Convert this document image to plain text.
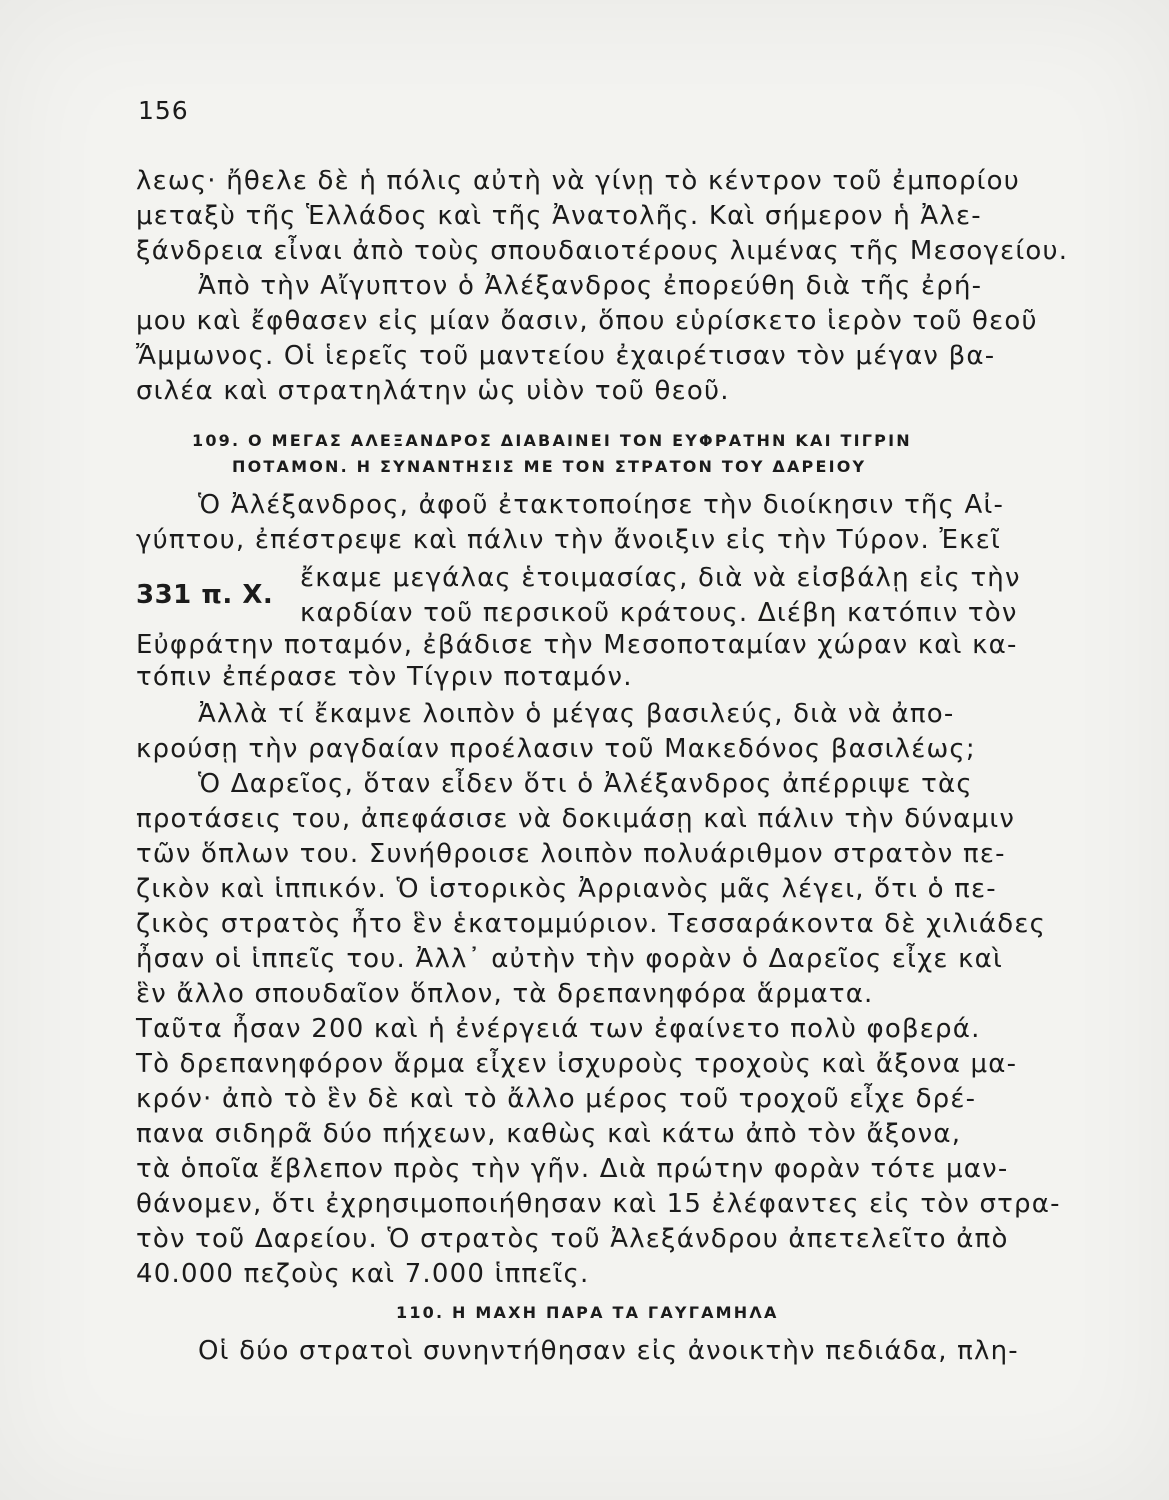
156
λεως· ἤθελε δὲ ἡ πόλις αὐτὴ νὰ γίνῃ τὸ κέντρον τοῦ ἐμπορίου
μεταξὺ τῆς Ἑλλάδος καὶ τῆς Ἀνατολῆς. Καὶ σήμερον ἡ Ἀλε-
ξάνδρεια εἶναι ἀπὸ τοὺς σπουδαιοτέρους λιμένας τῆς Μεσογείου.
Ἀπὸ τὴν Αἴγυπτον ὁ Ἀλέξανδρος ἐπορεύθη διὰ τῆς ἐρή-
μου καὶ ἔφθασεν εἰς μίαν ὄασιν, ὅπου εὑρίσκετο ἱερὸν τοῦ θεοῦ
Ἄμμωνος. Οἱ ἱερεῖς τοῦ μαντείου ἐχαιρέτισαν τὸν μέγαν βα-
σιλέα καὶ στρατηλάτην ὡς υἱὸν τοῦ θεοῦ.
109. Ο ΜΕΓΑΣ ΑΛΕΞΑΝΔΡΟΣ ΔΙΑΒΑΙΝΕΙ ΤΟΝ ΕΥΦΡΑΤΗΝ ΚΑΙ ΤΙΓΡΙΝ
ΠΟΤΑΜΟΝ. Η ΣΥΝΑΝΤΗΣΙΣ ΜΕ ΤΟΝ ΣΤΡΑΤΟΝ ΤΟΥ ΔΑΡΕΙΟΥ
Ὁ Ἀλέξανδρος, ἀφοῦ ἐτακτοποίησε τὴν διοίκησιν τῆς Αἰ-
γύπτου, ἐπέστρεψε καὶ πάλιν τὴν ἄνοιξιν εἰς τὴν Τύρον. Ἐκεῖ
331 π. Χ.
ἔκαμε μεγάλας ἑτοιμασίας, διὰ νὰ εἰσβάλῃ εἰς τὴν
καρδίαν τοῦ περσικοῦ κράτους. Διέβη κατόπιν τὸν
Εὐφράτην ποταμόν, ἐβάδισε τὴν Μεσοποταμίαν χώραν καὶ κα-
τόπιν ἐπέρασε τὸν Τίγριν ποταμόν.
Ἀλλὰ τί ἔκαμνε λοιπὸν ὁ μέγας βασιλεύς, διὰ νὰ ἀπο-
κρούσῃ τὴν ραγδαίαν προέλασιν τοῦ Μακεδόνος βασιλέως;
Ὁ Δαρεῖος, ὅταν εἶδεν ὅτι ὁ Ἀλέξανδρος ἀπέρριψε τὰς
προτάσεις του, ἀπεφάσισε νὰ δοκιμάσῃ καὶ πάλιν τὴν δύναμιν
τῶν ὅπλων του. Συνήθροισε λοιπὸν πολυάριθμον στρατὸν πε-
ζικὸν καὶ ἱππικόν. Ὁ ἱστορικὸς Ἀρριανὸς μᾶς λέγει, ὅτι ὁ πε-
ζικὸς στρατὸς ἦτο ἓν ἑκατομμύριον. Τεσσαράκοντα δὲ χιλιάδες
ἦσαν οἱ ἱππεῖς του. Ἀλλ᾽ αὐτὴν τὴν φορὰν ὁ Δαρεῖος εἶχε καὶ
ἓν ἄλλο σπουδαῖον ὅπλον, τὰ δρεπανηφόρα ἅρματα.
Ταῦτα ἦσαν 200 καὶ ἡ ἐνέργειά των ἐφαίνετο πολὺ φοβερά.
Τὸ δρεπανηφόρον ἅρμα εἶχεν ἰσχυροὺς τροχοὺς καὶ ἄξονα μα-
κρόν· ἀπὸ τὸ ἓν δὲ καὶ τὸ ἄλλο μέρος τοῦ τροχοῦ εἶχε δρέ-
πανα σιδηρᾶ δύο πήχεων, καθὼς καὶ κάτω ἀπὸ τὸν ἄξονα,
τὰ ὁποῖα ἔβλεπον πρὸς τὴν γῆν. Διὰ πρώτην φορὰν τότε μαν-
θάνομεν, ὅτι ἐχρησιμοποιήθησαν καὶ 15 ἐλέφαντες εἰς τὸν στρα-
τὸν τοῦ Δαρείου. Ὁ στρατὸς τοῦ Ἀλεξάνδρου ἀπετελεῖτο ἀπὸ
40.000 πεζοὺς καὶ 7.000 ἱππεῖς.
110. Η ΜΑΧΗ ΠΑΡΑ ΤΑ ΓΑΥΓΑΜΗΛΑ
Οἱ δύο στρατοὶ συνηντήθησαν εἰς ἀνοικτὴν πεδιάδα, πλη-
